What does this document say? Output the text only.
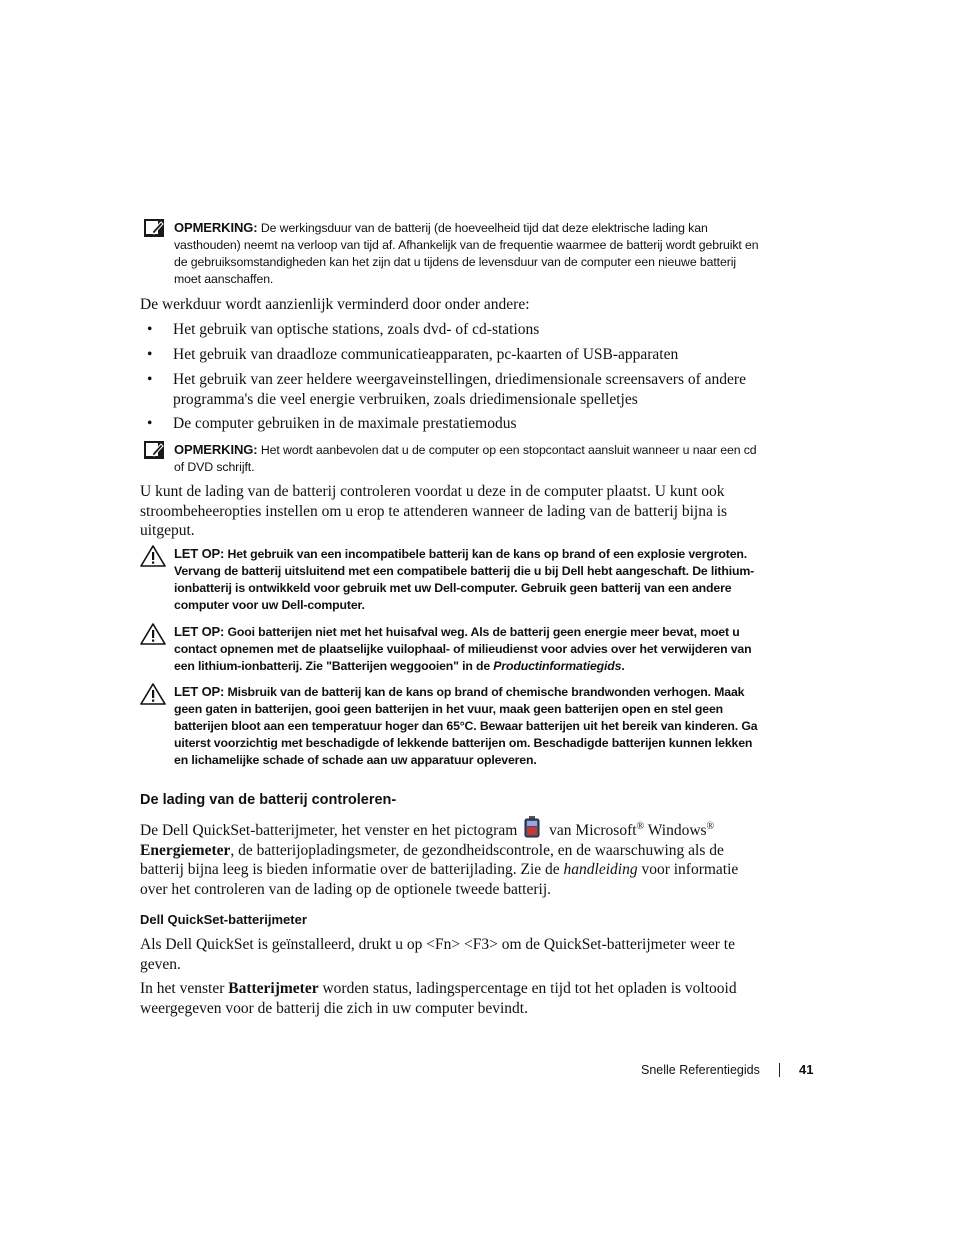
OPMERKING: De werkingsduur van de batterij (de hoeveelheid tijd dat deze elektrische lading kan vasthouden) neemt na verloop van tijd af. Afhankelijk van de frequentie waarmee de batterij wordt gebruikt en de gebruiksomstandigheden kan het zijn dat u tijdens de levensduur van de computer een nieuwe batterij moet aanschaffen.
De werkduur wordt aanzienlijk verminderd door onder andere:
• Het gebruik van optische stations, zoals dvd- of cd-stations
• Het gebruik van draadloze communicatieapparaten, pc-kaarten of USB-apparaten
• Het gebruik van zeer heldere weergaveinstellingen, driedimensionale screensavers of andere programma's die veel energie verbruiken, zoals driedimensionale spelletjes
• De computer gebruiken in de maximale prestatiemodus
OPMERKING: Het wordt aanbevolen dat u de computer op een stopcontact aansluit wanneer u naar een cd of DVD schrijft.
U kunt de lading van de batterij controleren voordat u deze in de computer plaatst. U kunt ook stroombeheeropties instellen om u erop te attenderen wanneer de lading van de batterij bijna is uitgeput.
LET OP: Het gebruik van een incompatibele batterij kan de kans op brand of een explosie vergroten. Vervang de batterij uitsluitend met een compatibele batterij die u bij Dell hebt aangeschaft. De lithium-ionbatterij is ontwikkeld voor gebruik met uw Dell-computer. Gebruik geen batterij van een andere computer voor uw Dell-computer.
LET OP: Gooi batterijen niet met het huisafval weg. Als de batterij geen energie meer bevat, moet u contact opnemen met de plaatselijke vuilophaal- of milieudienst voor advies over het verwijderen van een lithium-ionbatterij. Zie "Batterijen weggooien" in de Productinformatiegids.
LET OP: Misbruik van de batterij kan de kans op brand of chemische brandwonden verhogen. Maak geen gaten in batterijen, gooi geen batterijen in het vuur, maak geen batterijen open en stel geen batterijen bloot aan een temperatuur hoger dan 65°C. Bewaar batterijen uit het bereik van kinderen. Ga uiterst voorzichtig met beschadigde of lekkende batterijen om. Beschadigde batterijen kunnen lekken en lichamelijke schade of schade aan uw apparatuur opleveren.
De lading van de batterij controleren-
De Dell QuickSet-batterijmeter, het venster en het pictogram van Microsoft® Windows® Energiemeter, de batterijopladingsmeter, de gezondheidscontrole, en de waarschuwing als de batterij bijna leeg is bieden informatie over de batterijlading. Zie de handleiding voor informatie over het controleren van de lading op de optionele tweede batterij.
Dell QuickSet-batterijmeter
Als Dell QuickSet is geïnstalleerd, drukt u op <Fn> <F3> om de QuickSet-batterijmeter weer te geven.
In het venster Batterijmeter worden status, ladingspercentage en tijd tot het opladen is voltooid weergegeven voor de batterij die zich in uw computer bevindt.
Snelle Referentiegids	41
